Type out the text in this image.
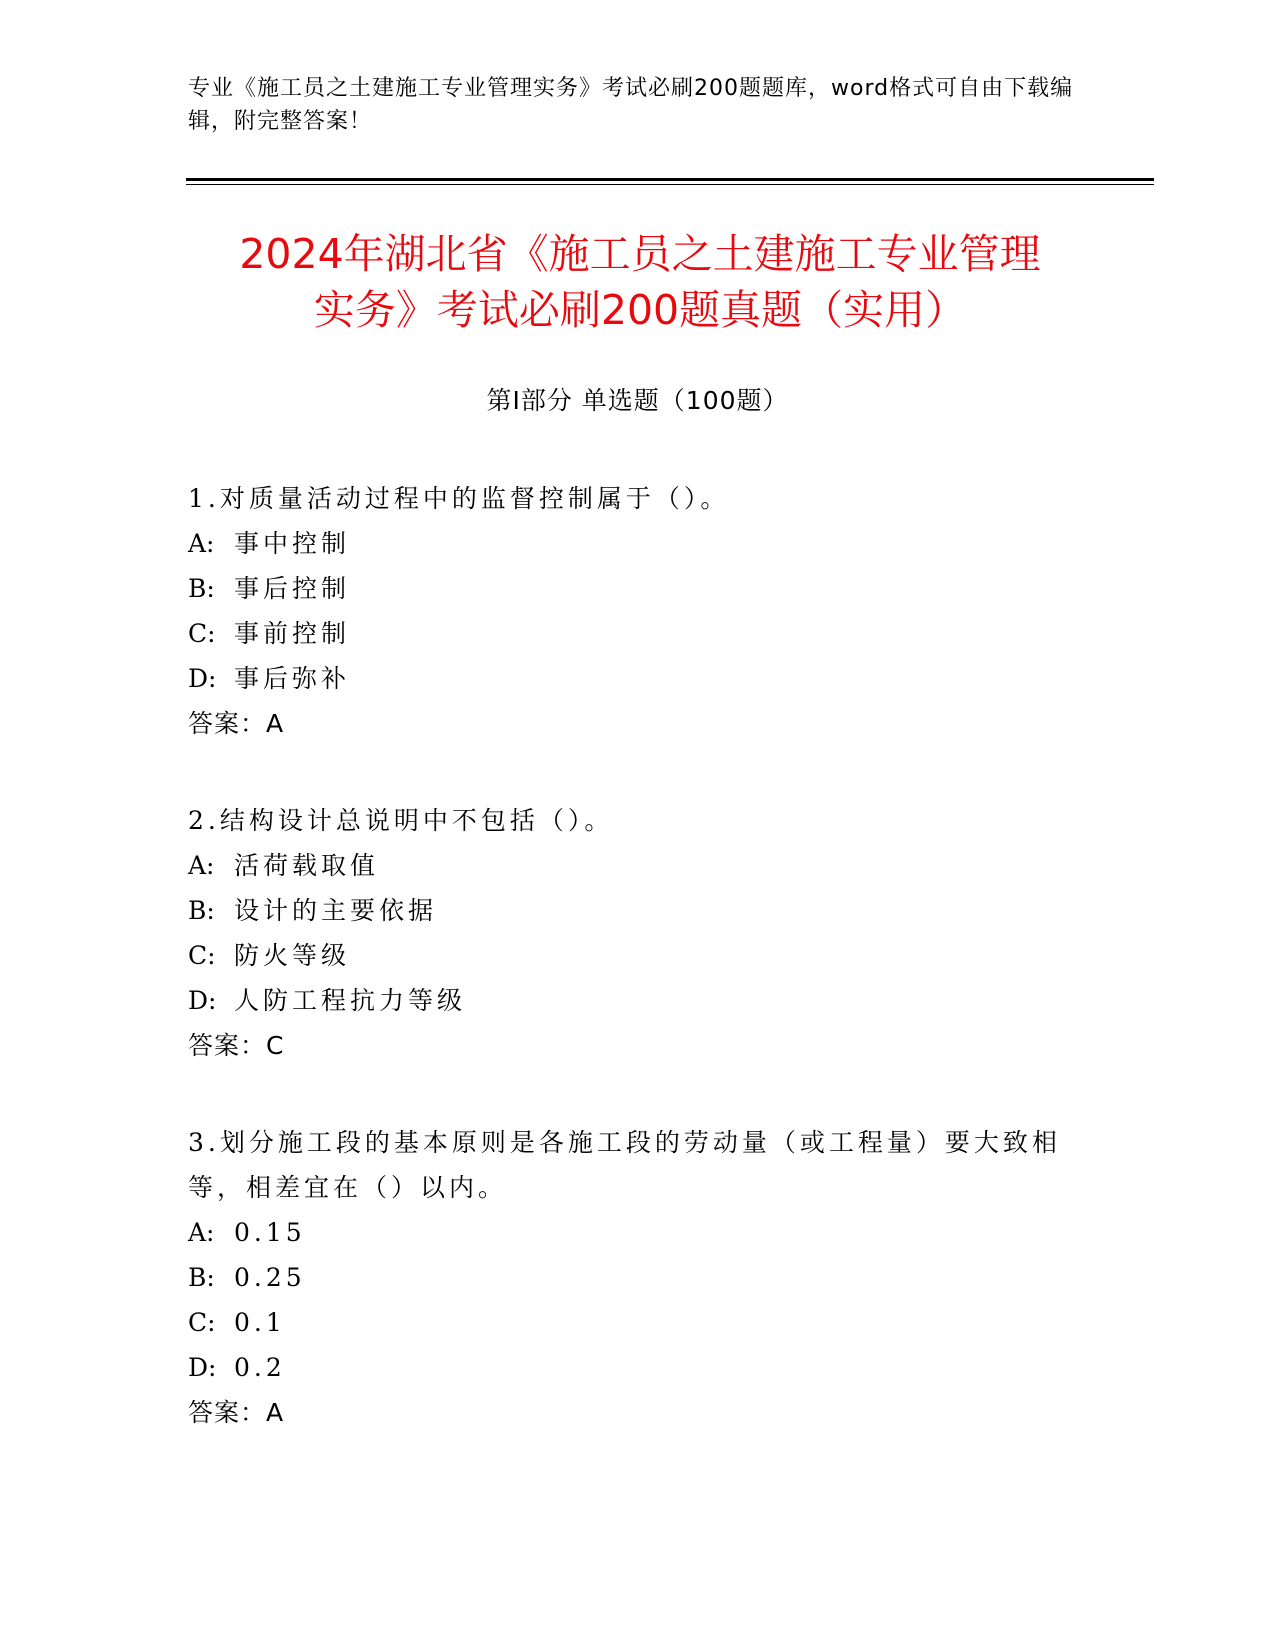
专业《施工员之土建施工专业管理实务》考试必刷200题题库，word格式可自由下载编辑，附完整答案！
2024年湖北省《施工员之土建施工专业管理
实务》考试必刷200题真题（实用）
第Ⅰ部分 单选题（100题）
1.对质量活动过程中的监督控制属于（）。
A: 事中控制
B: 事后控制
C: 事前控制
D: 事后弥补
答案：A
2.结构设计总说明中不包括（）。
A: 活荷载取值
B: 设计的主要依据
C: 防火等级
D: 人防工程抗力等级
答案：C
3.划分施工段的基本原则是各施工段的劳动量（或工程量）要大致相等，相差宜在（）以内。
A: 0.15
B: 0.25
C: 0.1
D: 0.2
答案：A
